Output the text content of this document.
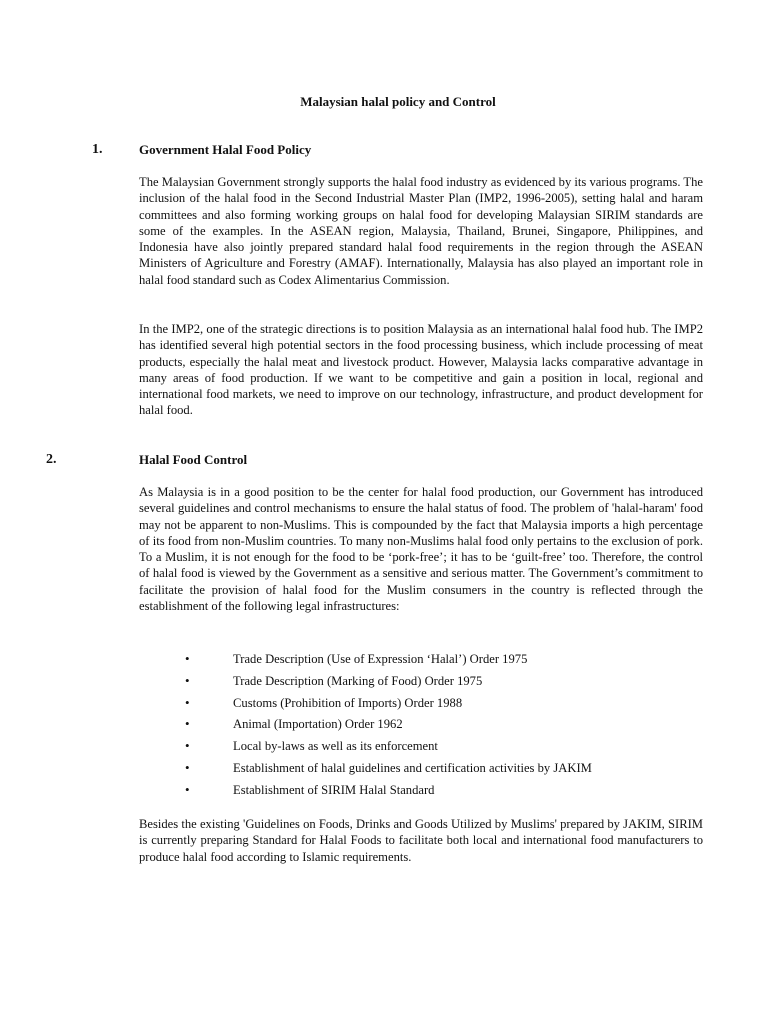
Malaysian halal policy and Control
1.	Government Halal Food Policy

The Malaysian Government strongly supports the halal food industry as evidenced by its various programs. The inclusion of the halal food in the Second Industrial Master Plan (IMP2, 1996-2005), setting halal and haram committees and also forming working groups on halal food for developing Malaysian SIRIM standards are some of the examples. In the ASEAN region, Malaysia, Thailand, Brunei, Singapore, Philippines, and Indonesia have also jointly prepared standard halal food requirements in the region through the ASEAN Ministers of Agriculture and Forestry (AMAF). Internationally, Malaysia has also played an important role in halal food standard such as Codex Alimentarius Commission.

In the IMP2, one of the strategic directions is to position Malaysia as an international halal food hub. The IMP2 has identified several high potential sectors in the food processing business, which include processing of meat products, especially the halal meat and livestock product. However, Malaysia lacks comparative advantage in many areas of food production. If we want to be competitive and gain a position in local, regional and international food markets, we need to improve on our technology, infrastructure, and product development for halal food.

2.	Halal Food Control

As Malaysia is in a good position to be the center for halal food production, our Government has introduced several guidelines and control mechanisms to ensure the halal status of food. The problem of 'halal-haram' food may not be apparent to non-Muslims. This is compounded by the fact that Malaysia imports a high percentage of its food from non-Muslim countries. To many non-Muslims halal food only pertains to the exclusion of pork. To a Muslim, it is not enough for the food to be ‘pork-free’; it has to be ‘guilt-free’ too. Therefore, the control of halal food is viewed by the Government as a sensitive and serious matter. The Government’s commitment to facilitate the provision of halal food for the Muslim consumers in the country is reflected through the establishment of the following legal infrastructures:

•	Trade Description (Use of Expression ‘Halal’) Order 1975
•	Trade Description (Marking of Food) Order 1975
•	Customs (Prohibition of Imports) Order 1988
•	Animal (Importation) Order 1962
•	Local by-laws as well as its enforcement
•	Establishment of halal guidelines and certification activities by JAKIM
•	Establishment of SIRIM Halal Standard

Besides the existing 'Guidelines on Foods, Drinks and Goods Utilized by Muslims' prepared by JAKIM, SIRIM is currently preparing Standard for Halal Foods to facilitate both local and international food manufacturers to produce halal food according to Islamic requirements.
